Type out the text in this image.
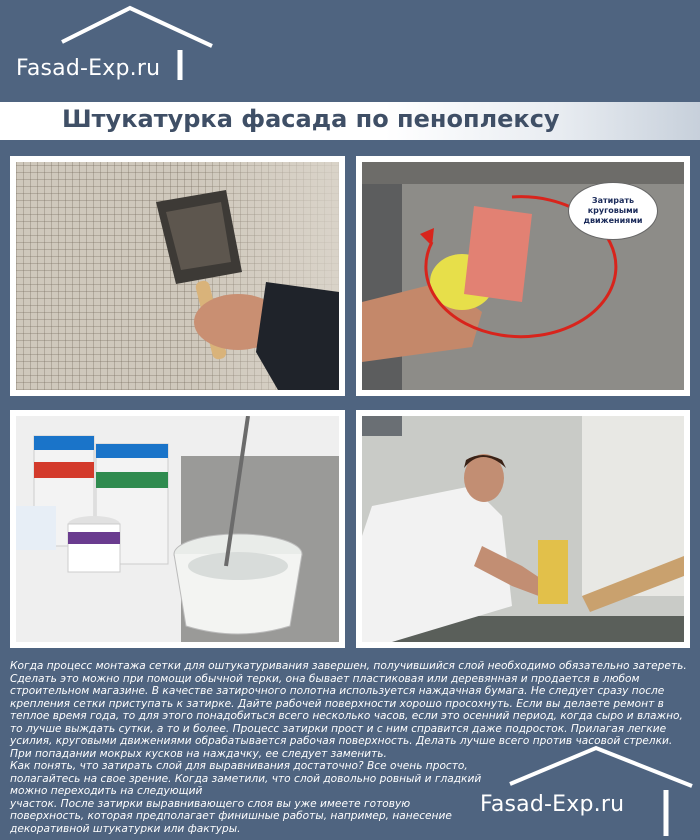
Fasad-Exp.ru
Штукатурка фасада по пеноплексу
Затирать круговыми движениями

Когда процесс монтажа сетки для оштукатуривания завершен, получившийся слой необходимо обязательно затереть. Сделать это можно при помощи обычной терки, она бывает пластиковая или деревянная и продается в любом строительном магазине. В качестве затирочного полотна используется наждачная бумага. Не следует сразу после крепления сетки приступать к затирке. Дайте рабочей поверхности хорошо просохнуть. Если вы делаете ремонт в теплое время года, то для этого понадобиться всего несколько часов, если это осенний период, когда сыро и влажно, то лучше выждать сутки, а то и более. Процесс затирки прост и с ним справится даже подросток. Прилагая легкие усилия, круговыми движениями обрабатывается рабочая поверхность. Делать лучше всего против часовой стрелки. При попадании мокрых кусков на наждачку, ее следует заменить.

Как понять, что затирать слой для выравнивания достаточно? Все очень просто, полагайтесь на свое зрение. Когда заметили, что слой довольно ровный и гладкий можно переходить на следующий

участок. После затирки выравнивающего слоя вы уже имеете готовую поверхность, которая предполагает финишные работы, например, нанесение декоративной штукатурки или фактуры.

Fasad-Exp.ru
